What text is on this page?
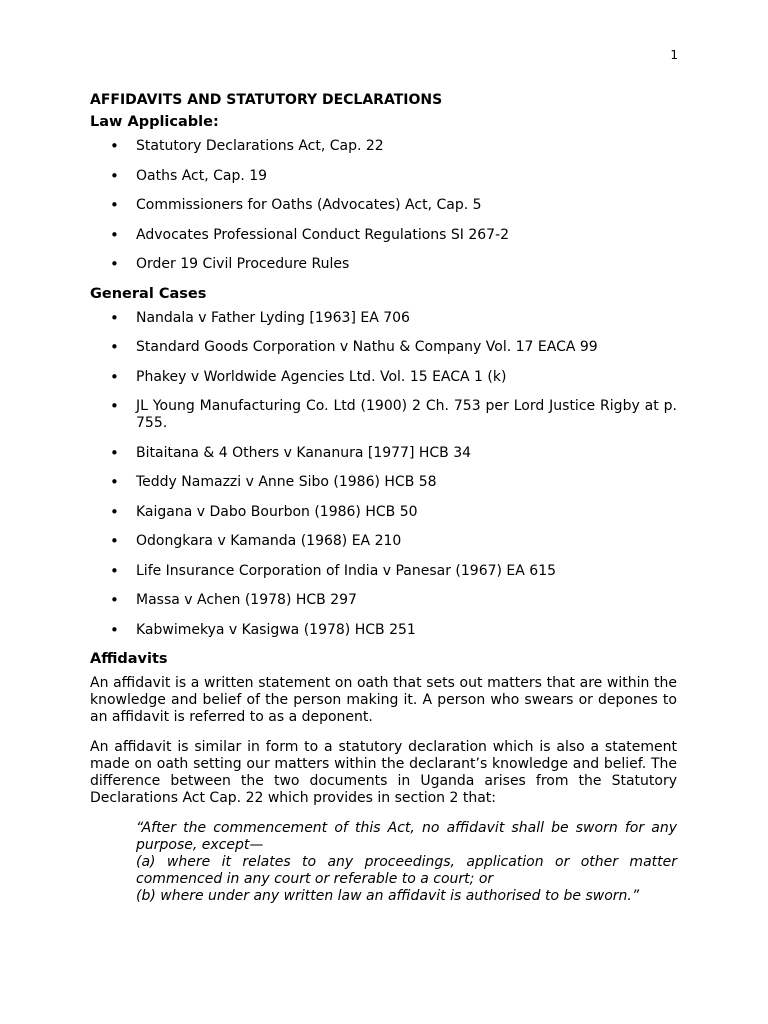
1
AFFIDAVITS AND STATUTORY DECLARATIONS
Law Applicable:
• Statutory Declarations Act, Cap. 22
• Oaths Act, Cap. 19
• Commissioners for Oaths (Advocates) Act, Cap. 5
• Advocates Professional Conduct Regulations SI 267-2
• Order 19 Civil Procedure Rules
General Cases
• Nandala v Father Lyding [1963] EA 706
• Standard Goods Corporation v Nathu & Company Vol. 17 EACA 99
• Phakey v Worldwide Agencies Ltd. Vol. 15 EACA 1 (k)
• JL Young Manufacturing Co. Ltd (1900) 2 Ch. 753 per Lord Justice Rigby at p. 755.
• Bitaitana & 4 Others v Kananura [1977] HCB 34
• Teddy Namazzi v Anne Sibo (1986) HCB 58
• Kaigana v Dabo Bourbon (1986) HCB 50
• Odongkara v Kamanda (1968) EA 210
• Life Insurance Corporation of India v Panesar (1967) EA 615
• Massa v Achen (1978) HCB 297
• Kabwimekya v Kasigwa (1978) HCB 251
Affidavits

An affidavit is a written statement on oath that sets out matters that are within the knowledge and belief of the person making it. A person who swears or depones to an affidavit is referred to as a deponent.

An affidavit is similar in form to a statutory declaration which is also a statement made on oath setting our matters within the declarant’s knowledge and belief. The difference between the two documents in Uganda arises from the Statutory Declarations Act Cap. 22 which provides in section 2 that:

“After the commencement of this Act, no affidavit shall be sworn for any purpose, except—
(a) where it relates to any proceedings, application or other matter commenced in any court or referable to a court; or
(b) where under any written law an affidavit is authorised to be sworn.”
